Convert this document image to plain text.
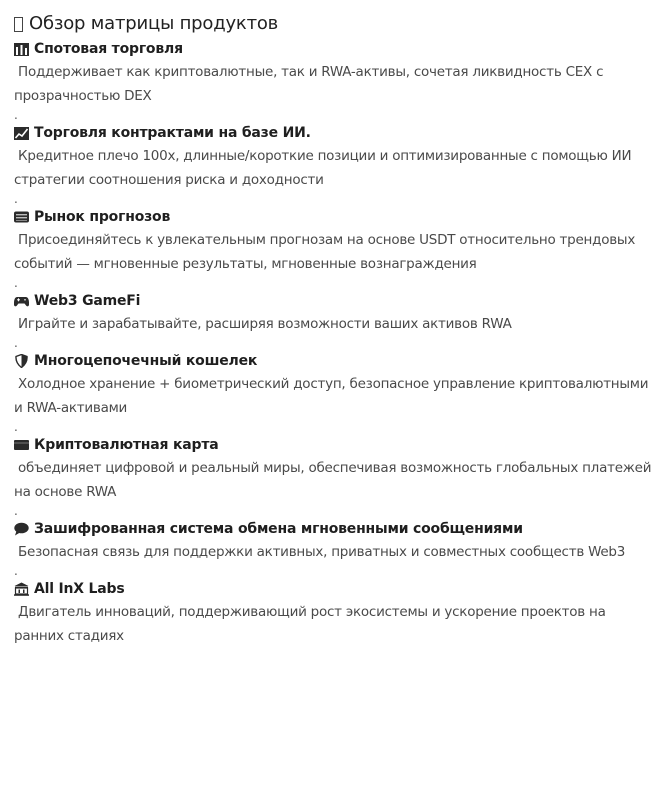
Обзор матрицы продуктов
Спотовая торговля
Поддерживает как криптовалютные, так и RWA-активы, сочетая ликвидность CEX с прозрачностью DEX
.
Торговля контрактами на базе ИИ.
Кредитное плечо 100x, длинные/короткие позиции и оптимизированные с помощью ИИ стратегии соотношения риска и доходности
.
Рынок прогнозов
Присоединяйтесь к увлекательным прогнозам на основе USDT относительно трендовых событий — мгновенные результаты, мгновенные вознаграждения
.
Web3 GameFi
Играйте и зарабатывайте, расширяя возможности ваших активов RWA
.
Многоцепочечный кошелек
Холодное хранение + биометрический доступ, безопасное управление криптовалютными и RWA-активами
.
Криптовалютная карта
объединяет цифровой и реальный миры, обеспечивая возможность глобальных платежей на основе RWA
.
Зашифрованная система обмена мгновенными сообщениями
Безопасная связь для поддержки активных, приватных и совместных сообществ Web3
.
All InX Labs
Двигатель инноваций, поддерживающий рост экосистемы и ускорение проектов на ранних стадиях
